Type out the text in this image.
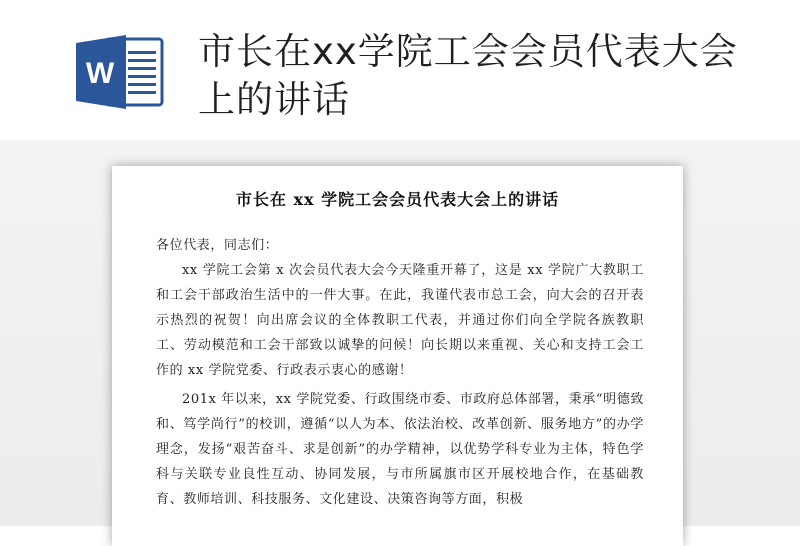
W
市长在xx学院工会会员代表大会上的讲话
市长在 xx 学院工会会员代表大会上的讲话

各位代表，同志们：

xx 学院工会第 x 次会员代表大会今天隆重开幕了，这是 xx 学院广大教职工和工会干部政治生活中的一件大事。在此，我谨代表市总工会，向大会的召开表示热烈的祝贺！向出席会议的全体教职工代表，并通过你们向全学院各族教职工、劳动模范和工会干部致以诚挚的问候！向长期以来重视、关心和支持工会工作的 xx 学院党委、行政表示衷心的感谢！

201x 年以来，xx 学院党委、行政围绕市委、市政府总体部署，秉承“明德致和、笃学尚行”的校训，遵循“以人为本、依法治校、改革创新、服务地方”的办学理念，发扬“艰苦奋斗、求是创新”的办学精神，以优势学科专业为主体，特色学科与关联专业良性互动、协同发展，与市所属旗市区开展校地合作，在基础教育、教师培训、科技服务、文化建设、决策咨询等方面，积极
